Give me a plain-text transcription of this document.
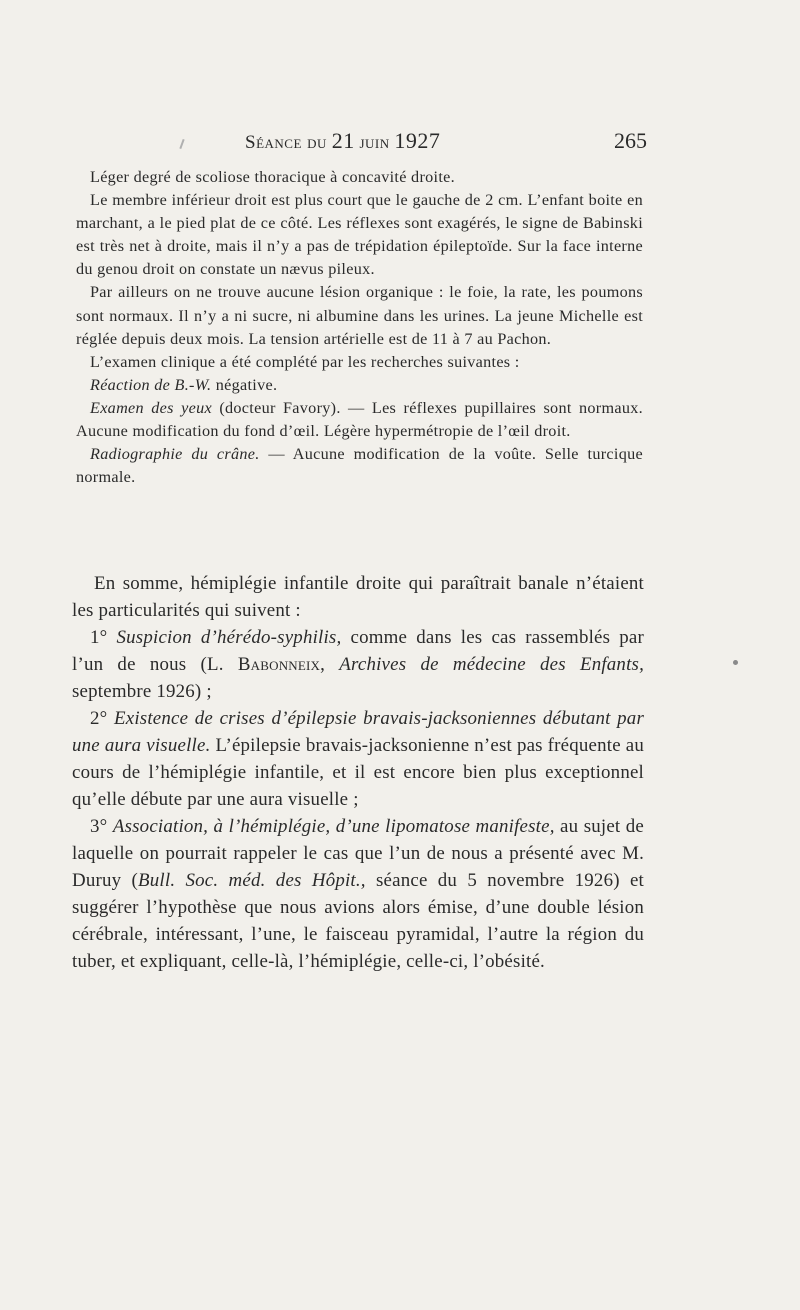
Séance du 21 juin 1927	265

Léger degré de scoliose thoracique à concavité droite.

Le membre inférieur droit est plus court que le gauche de 2 cm. L’enfant boite en marchant, a le pied plat de ce côté. Les réflexes sont exagérés, le signe de Babinski est très net à droite, mais il n’y a pas de trépidation épileptoïde. Sur la face interne du genou droit on constate un nævus pileux.

Par ailleurs on ne trouve aucune lésion organique : le foie, la rate, les poumons sont normaux. Il n’y a ni sucre, ni albumine dans les urines. La jeune Michelle est réglée depuis deux mois. La tension artérielle est de 11 à 7 au Pachon.

L’examen clinique a été complété par les recherches suivantes :

Réaction de B.-W. négative.

Examen des yeux (docteur Favory). — Les réflexes pupillaires sont normaux. Aucune modification du fond d’œil. Légère hypermétropie de l’œil droit.

Radiographie du crâne. — Aucune modification de la voûte. Selle turcique normale.

En somme, hémiplégie infantile droite qui paraîtrait banale n’étaient les particularités qui suivent :

1° Suspicion d’hérédo-syphilis, comme dans les cas rassemblés par l’un de nous (L. Babonneix, Archives de médecine des Enfants, septembre 1926) ;

2° Existence de crises d’épilepsie bravais-jacksoniennes débutant par une aura visuelle. L’épilepsie bravais-jacksonienne n’est pas fréquente au cours de l’hémiplégie infantile, et il est encore bien plus exceptionnel qu’elle débute par une aura visuelle ;

3° Association, à l’hémiplégie, d’une lipomatose manifeste, au sujet de laquelle on pourrait rappeler le cas que l’un de nous a présenté avec M. Duruy (Bull. Soc. méd. des Hôpit., séance du 5 novembre 1926) et suggérer l’hypothèse que nous avions alors émise, d’une double lésion cérébrale, intéressant, l’une, le faisceau pyramidal, l’autre la région du tuber, et expliquant, celle-là, l’hémiplégie, celle-ci, l’obésité.
